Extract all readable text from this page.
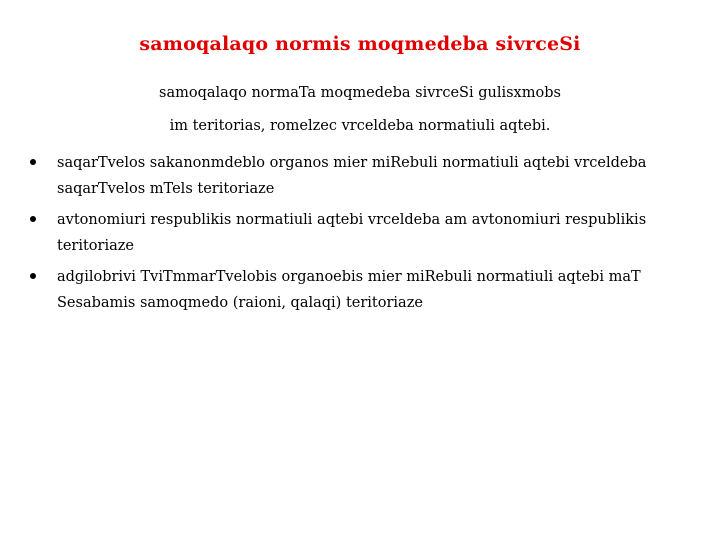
samoqalaqo normis moqmedeba sivrceSi
samoqalaqo normaTa moqmedeba sivrceSi gulisxmobs
im teritorias, romelzec vrceldeba normatiuli aqtebi.
saqarTvelos sakanonmdeblo organos mier miRebuli normatiuli aqtebi vrceldeba saqarTvelos mTels teritoriaze
avtonomiuri respublikis normatiuli aqtebi vrceldeba am avtonomiuri respublikis teritoriaze
adgilobrivi TviTmmarTvelobis organoebis mier miRebuli normatiuli aqtebi maT Sesabamis samoqmedo (raioni, qalaqi) teritoriaze
